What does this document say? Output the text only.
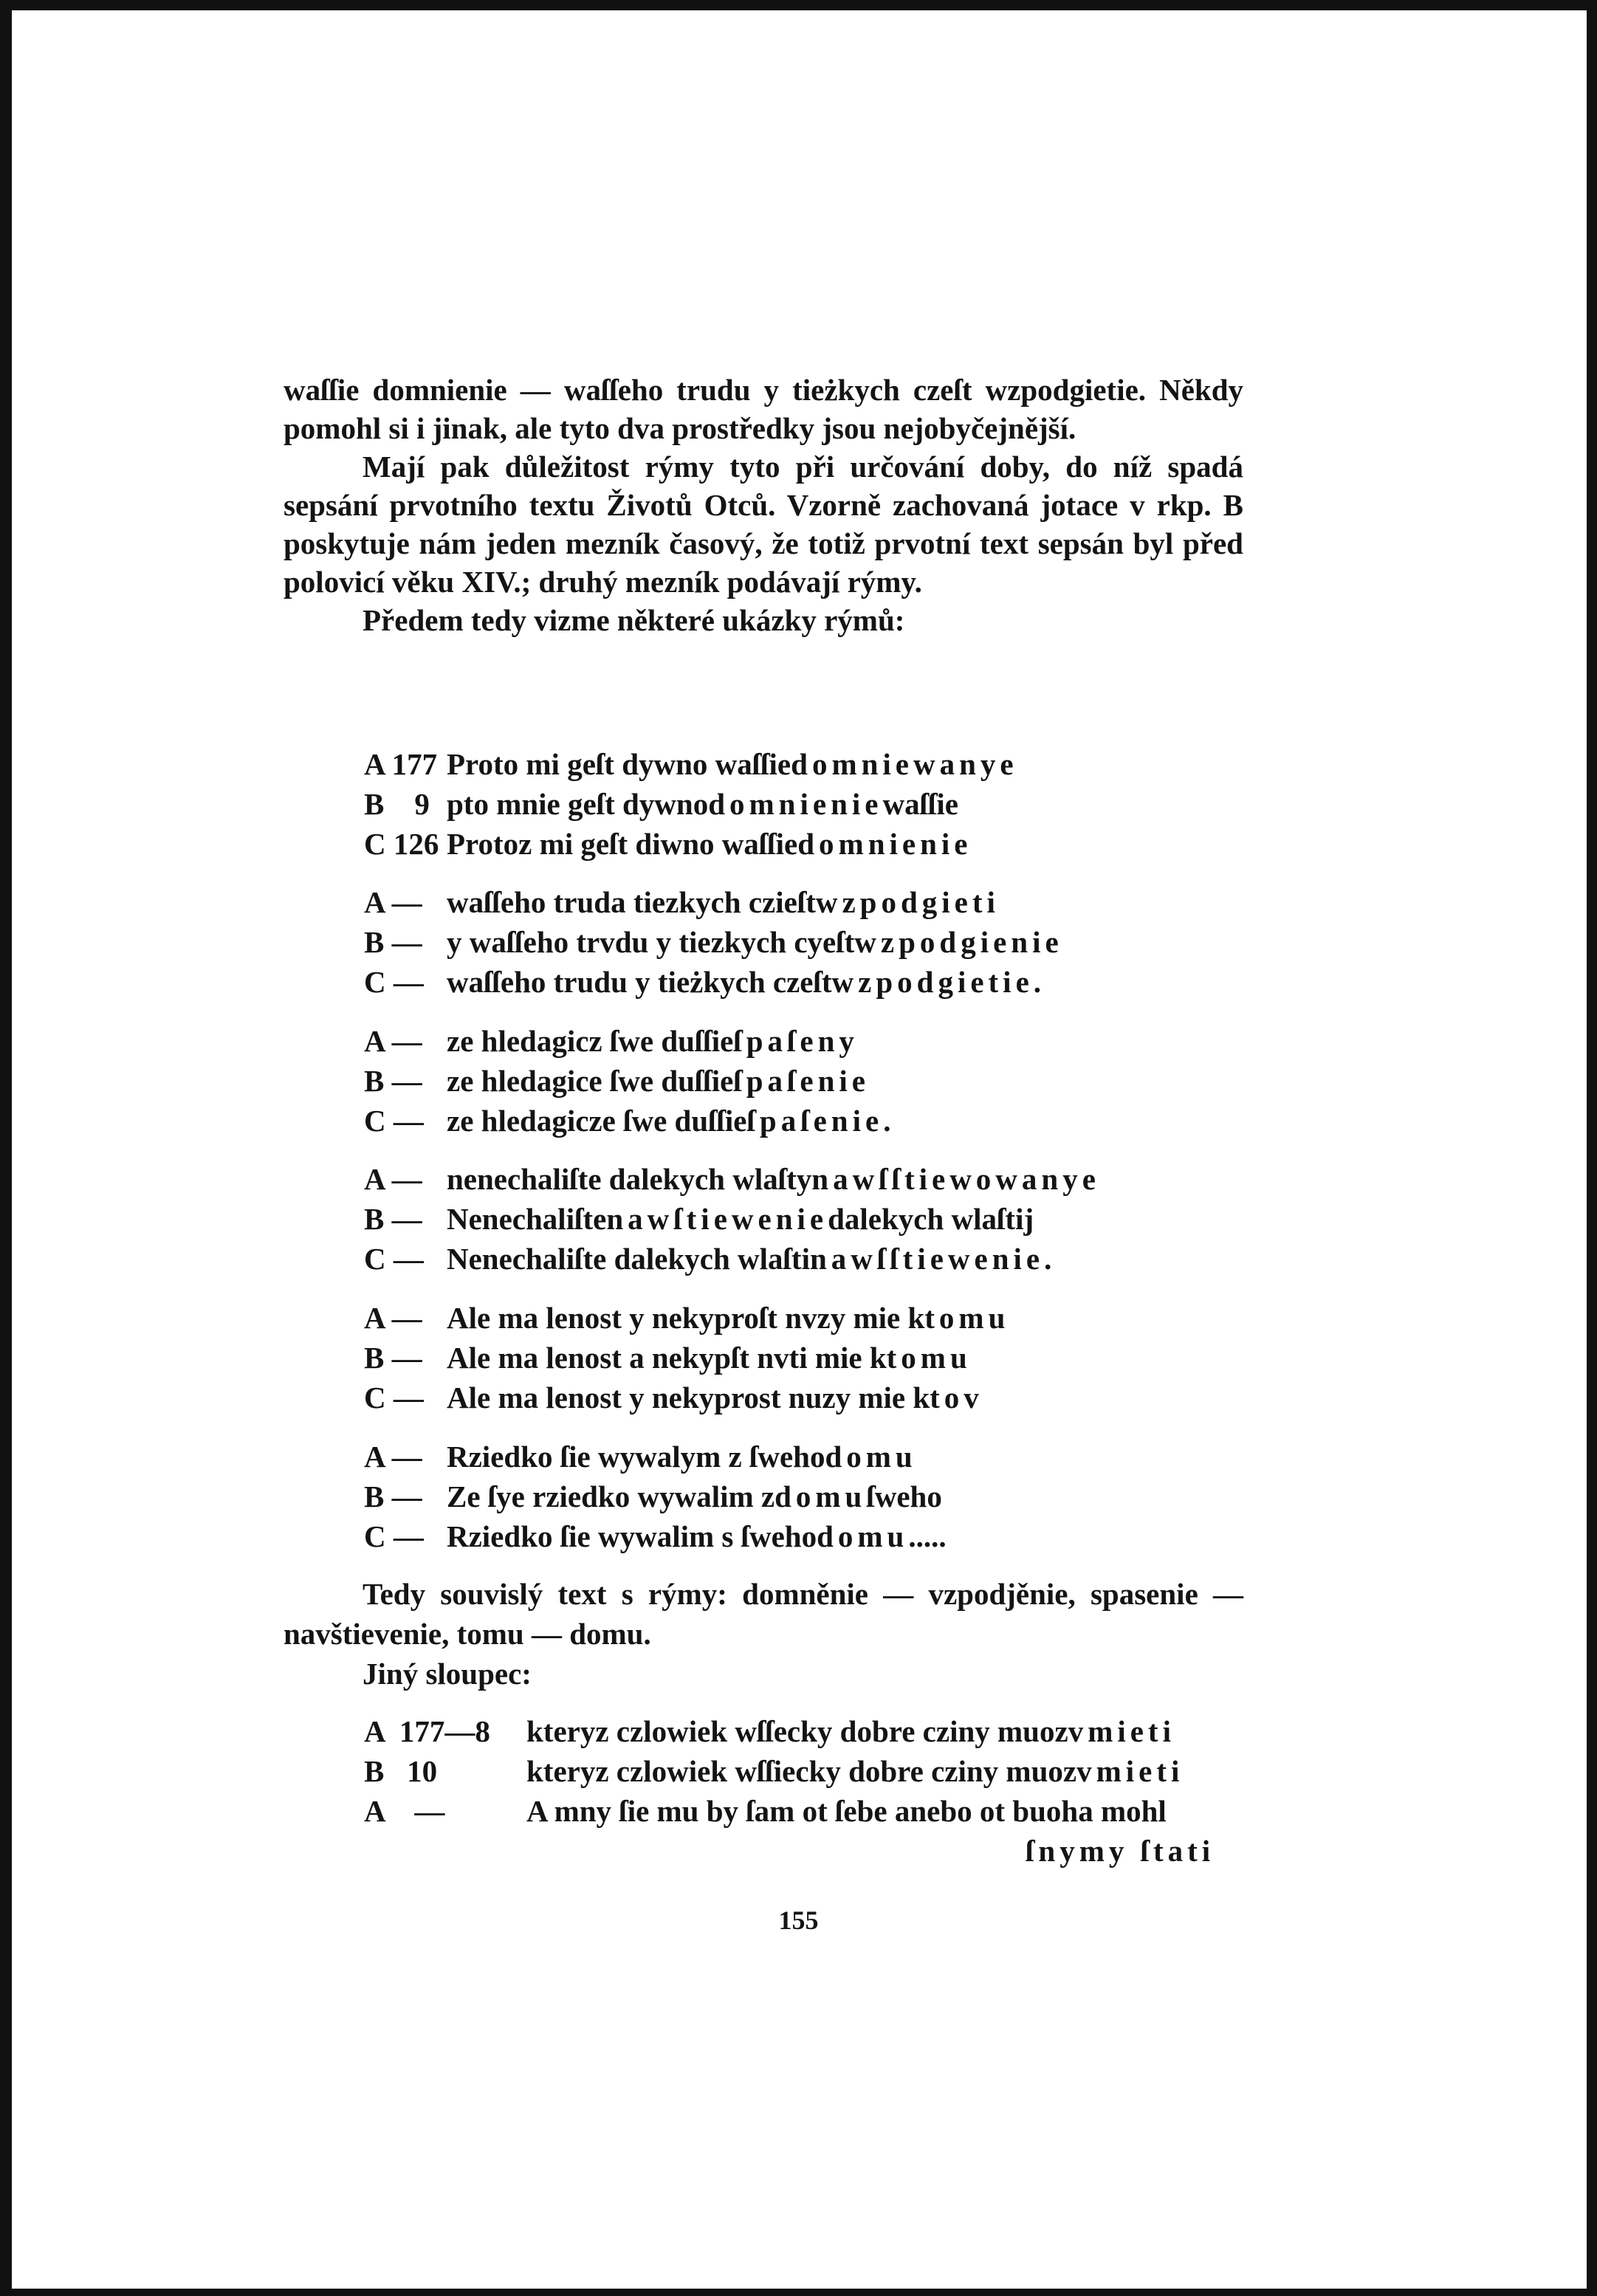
waſſie domnienie — waſſeho trudu y tieżkych czeſt wzpodgietie. Někdy pomohl si i jinak, ale tyto dva prostředky jsou nejobyčejnější.

Mají pak důležitost rýmy tyto při určování doby, do níž spadá sepsání prvotního textu Životů Otců. Vzorně zachovaná jotace v rkp. B poskytuje nám jeden mezník časový, že totiž prvotní text sepsán byl před polovicí věku XIV.; druhý mezník podávají rýmy.

Předem tedy vizme některé ukázky rýmů:

A 177 Proto mi geſt dywno waſſie domniewanye
B    9 pto mnie geſt dywno domnienie waſſie
C 126 Protoz mi geſt diwno waſſie domnienie
A — waſſeho truda tiezkych czieſt wzpodgieti
B — y waſſeho trvdu y tiezkych cyeſt wzpodgienie
C — waſſeho trudu y tieżkych czeſt wzpodgietie .
A — ze hledagicz ſwe duſſie ſpaſeny
B — ze hledagice ſwe duſſie ſpaſenie
C — ze hledagicze ſwe duſſie ſpaſenie .
A — nenechaliſte dalekych wlaſty nawſſtiewowanye
B — Nenechaliſte nawſtiewenie dalekych wlaſtij
C — Nenechaliſte dalekych wlaſti nawſſtiewenie .
A — Ale ma lenost y nekyproſt nvzy mie k tomu
B — Ale ma lenost a nekypſt nvti mie k tomu
C — Ale ma lenost y nekyprost nuzy mie k tov
A — Rziedko ſie wywalym z ſweho domu
B — Ze ſye rziedko wywalim z domu ſweho
C — Rziedko ſie wywalim s ſweho domu .....

Tedy souvislý text s rýmy: domněnie — vzpodjěnie, spasenie — navštievenie, tomu — domu.

Jiný sloupec:

A  177—8	kteryz czlowiek wſſecky dobre cziny muoz vmieti
B   10	kteryz czlowiek wſſiecky dobre cziny muoz vmieti
A    —	A mny ſie mu by ſam ot ſebe anebo ot buoha mohl
ſnymy ſtati
155
